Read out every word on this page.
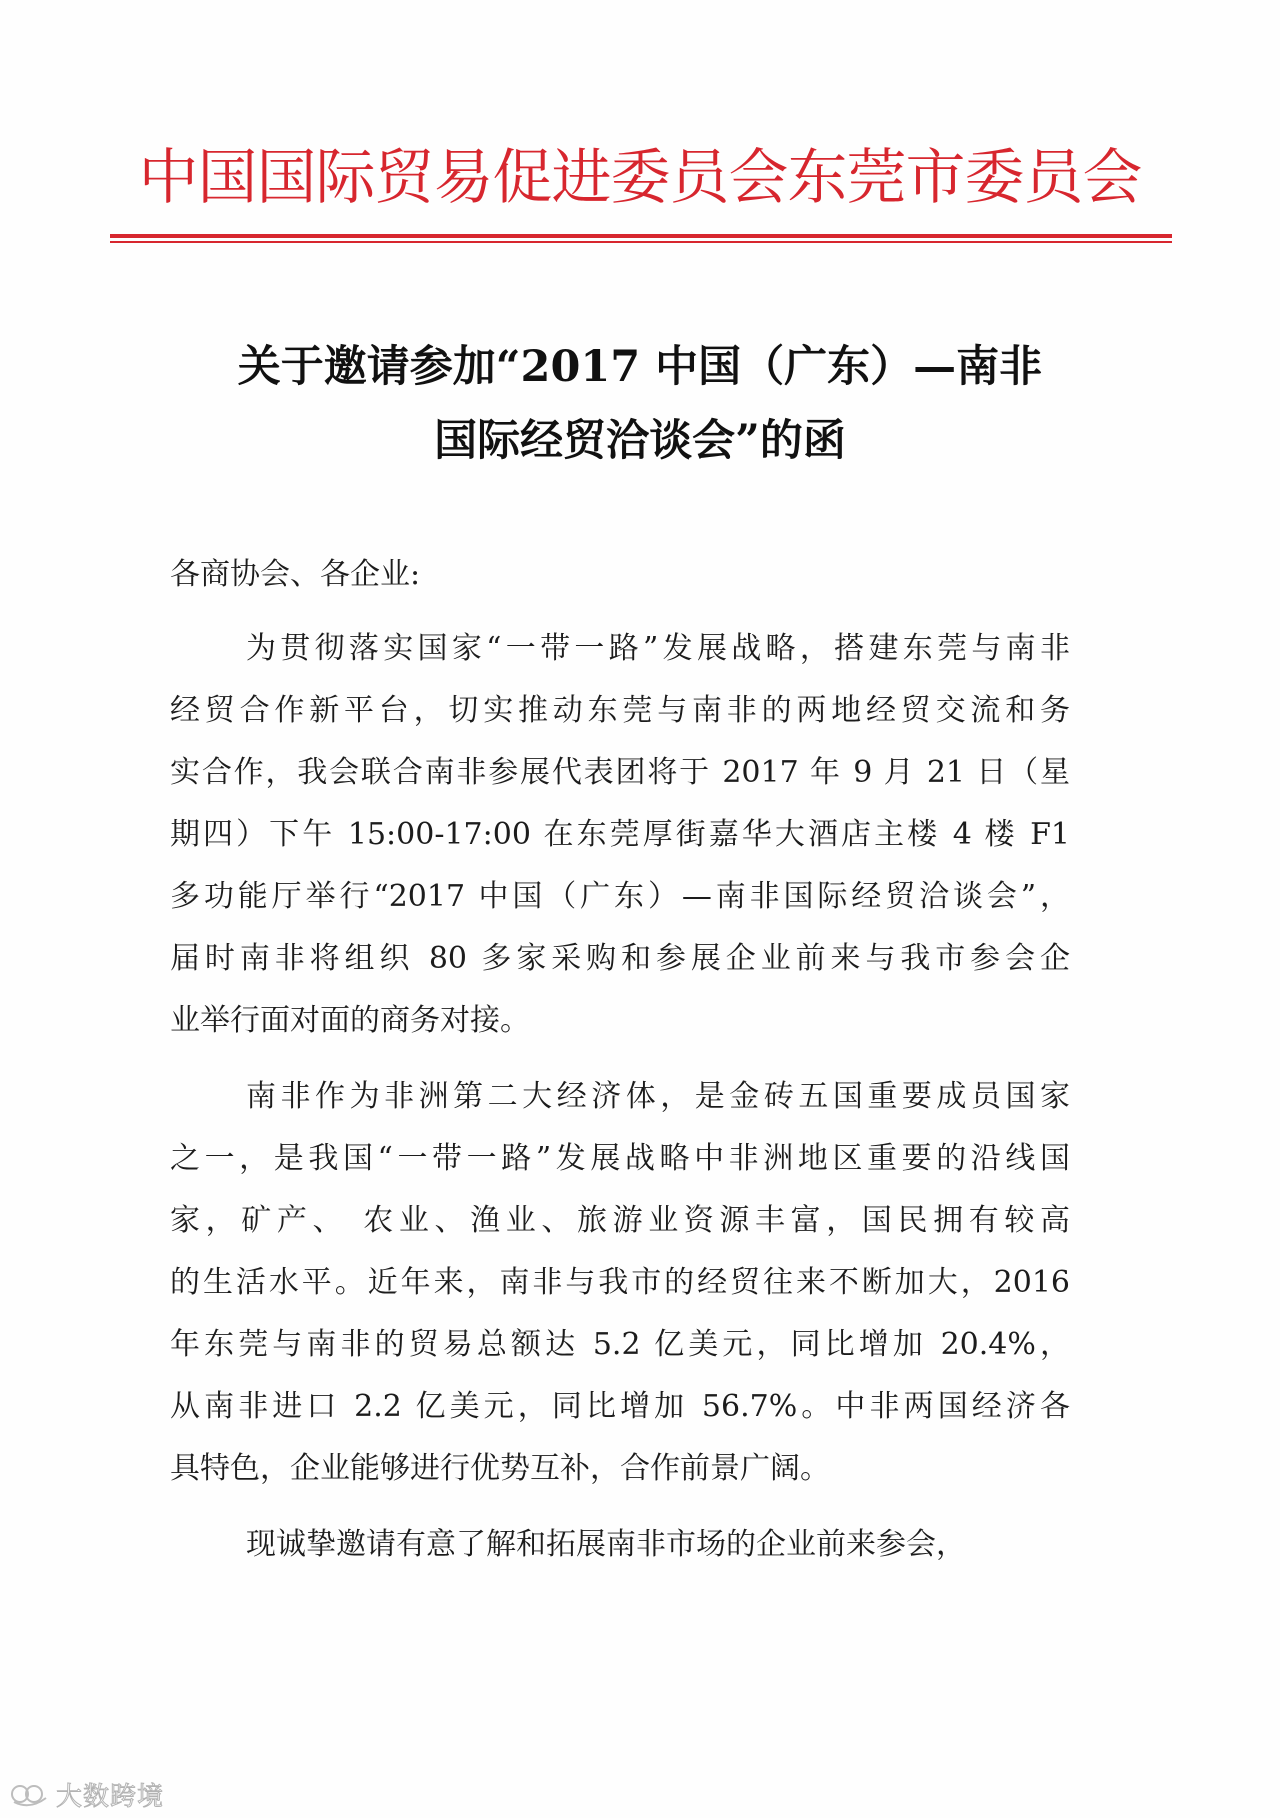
中国国际贸易促进委员会东莞市委员会
关于邀请参加“2017 中国（广东）—南非
国际经贸洽谈会”的函
各商协会、各企业:
为贯彻落实国家“一带一路”发展战略，搭建东莞与南非
经贸合作新平台，切实推动东莞与南非的两地经贸交流和务
实合作，我会联合南非参展代表团将于 2017 年 9 月 21 日（星
期四）下午 15:00-17:00 在东莞厚街嘉华大酒店主楼 4 楼 F1
多功能厅举行“2017 中国（广东）—南非国际经贸洽谈会”，
届时南非将组织 80 多家采购和参展企业前来与我市参会企
业举行面对面的商务对接。
南非作为非洲第二大经济体，是金砖五国重要成员国家
之一，是我国“一带一路”发展战略中非洲地区重要的沿线国
家，矿产、 农业、渔业、旅游业资源丰富，国民拥有较高
的生活水平。近年来，南非与我市的经贸往来不断加大，2016
年东莞与南非的贸易总额达 5.2 亿美元，同比增加 20.4%，
从南非进口 2.2 亿美元，同比增加 56.7%。中非两国经济各
具特色，企业能够进行优势互补，合作前景广阔。
现诚挚邀请有意了解和拓展南非市场的企业前来参会，
大数跨境
